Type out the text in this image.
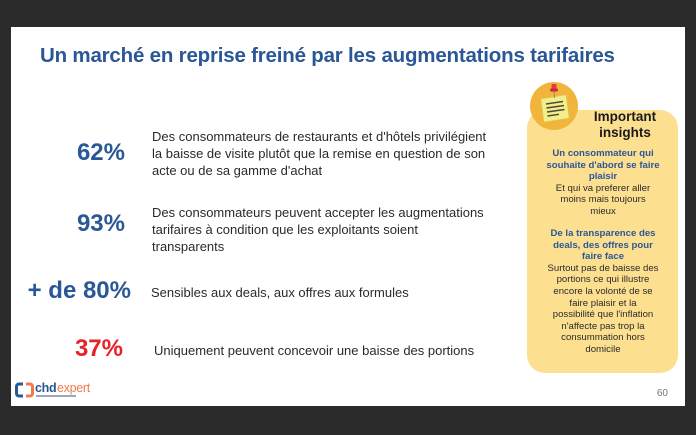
Un marché en reprise freiné par les augmentations tarifaires
62%
Des consommateurs de restaurants et d'hôtels privilégient
la baisse de visite plutôt que la remise en question de son
acte ou de sa gamme d'achat
93% Des consommateurs peuvent accepter les augmentations
tarifaires à condition que les exploitants soient
transparents
+ de 80% Sensibles aux deals, aux offres aux formules
37% Uniquement peuvent concevoir une baisse des portions
Important
insights
Un consommateur qui
souhaite d'abord se faire
plaisir
Et qui va preferer aller
moins mais toujours
mieux
De la transparence des
deals, des offres pour
faire face
Surtout pas de baisse des
portions ce qui illustre
encore la volonté de se
faire plaisir et la
possibilité que l'inflation
n'affecte pas trop la
consummation hors
domicile
chd expert	60
